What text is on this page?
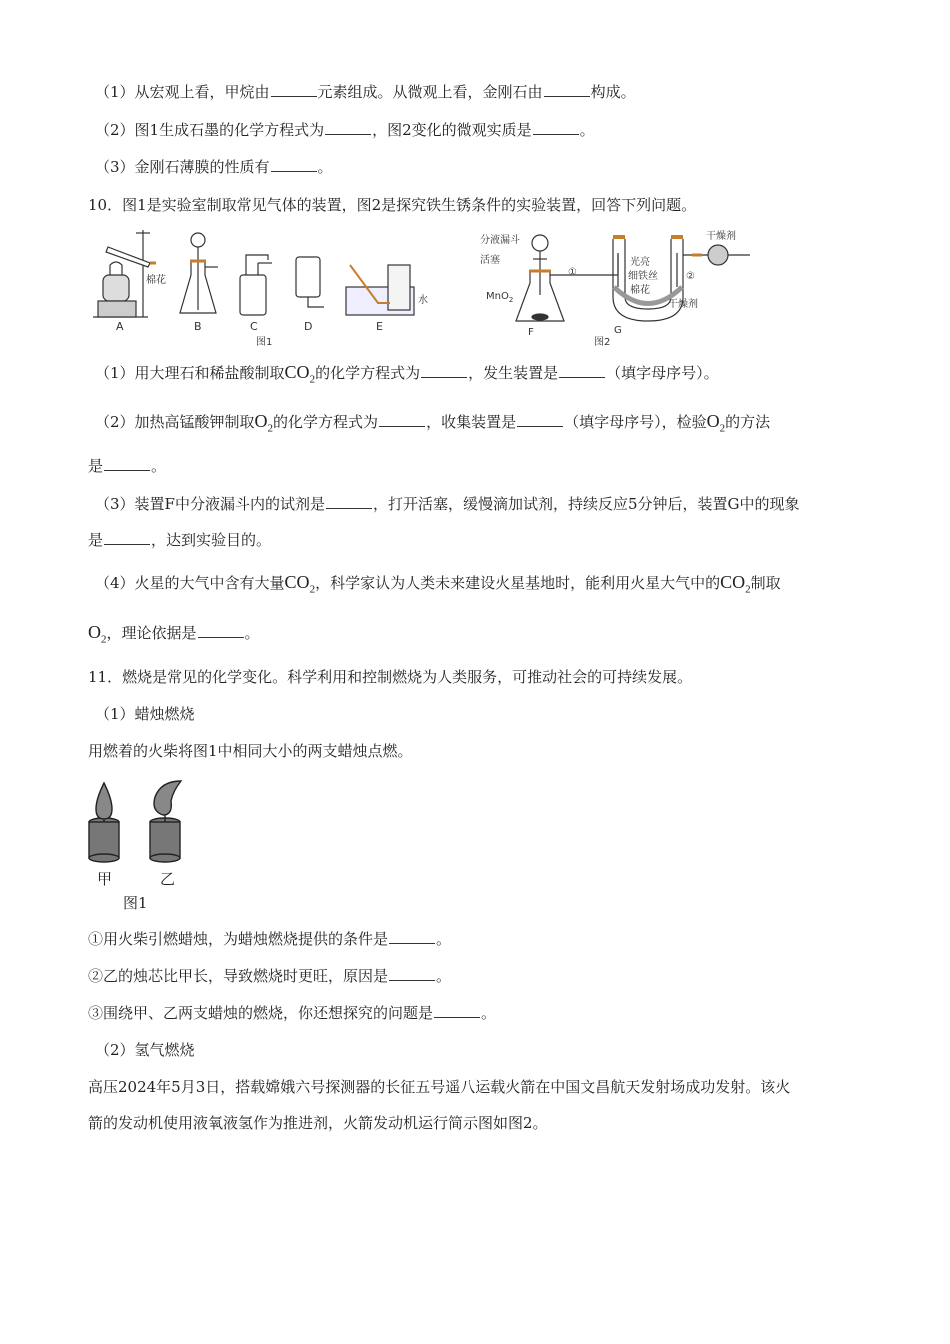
（1）从宏观上看，甲烷由	元素组成。从微观上看，金刚石由	构成。
（2）图1生成石墨的化学方程式为	，图2变化的微观实质是	。
（3）金刚石薄膜的性质有	。
10．图1是实验室制取常见气体的装置，图2是探究铁生锈条件的实验装置，回答下列问题。
棉花
A	B	C	D
水
E
图1
分液漏斗
活塞
MnO$_2$
F
①	②
光亮
细铁丝
棉花
干燥剂
干燥剂
G
图2
（1）用大理石和稀盐酸制取$CO_2$的化学方程式为	，发生装置是	（填字母序号）。
（2）加热高锰酸钾制取$O_2$的化学方程式为	，收集装置是	（填字母序号），检验$O_2$的方法
是	。
（3）装置F中分液漏斗内的试剂是	，打开活塞，缓慢滴加试剂，持续反应5分钟后，装置G中的现象
是	，达到实验目的。
（4）火星的大气中含有大量$CO_2$，科学家认为人类未来建设火星基地时，能利用火星大气中的$CO_2$制取
$O_2$，理论依据是	。
11．燃烧是常见的化学变化。科学利用和控制燃烧为人类服务，可推动社会的可持续发展。
（1）蜡烛燃烧
用燃着的火柴将图1中相同大小的两支蜡烛点燃。
甲	乙
图1
①用火柴引燃蜡烛，为蜡烛燃烧提供的条件是	。
②乙的烛芯比甲长，导致燃烧时更旺，原因是	。
③围绕甲、乙两支蜡烛的燃烧，你还想探究的问题是	。
（2）氢气燃烧
高压2024年5月3日，搭载嫦娥六号探测器的长征五号遥八运载火箭在中国文昌航天发射场成功发射。该火
箭的发动机使用液氧液氢作为推进剂，火箭发动机运行简示图如图2。
